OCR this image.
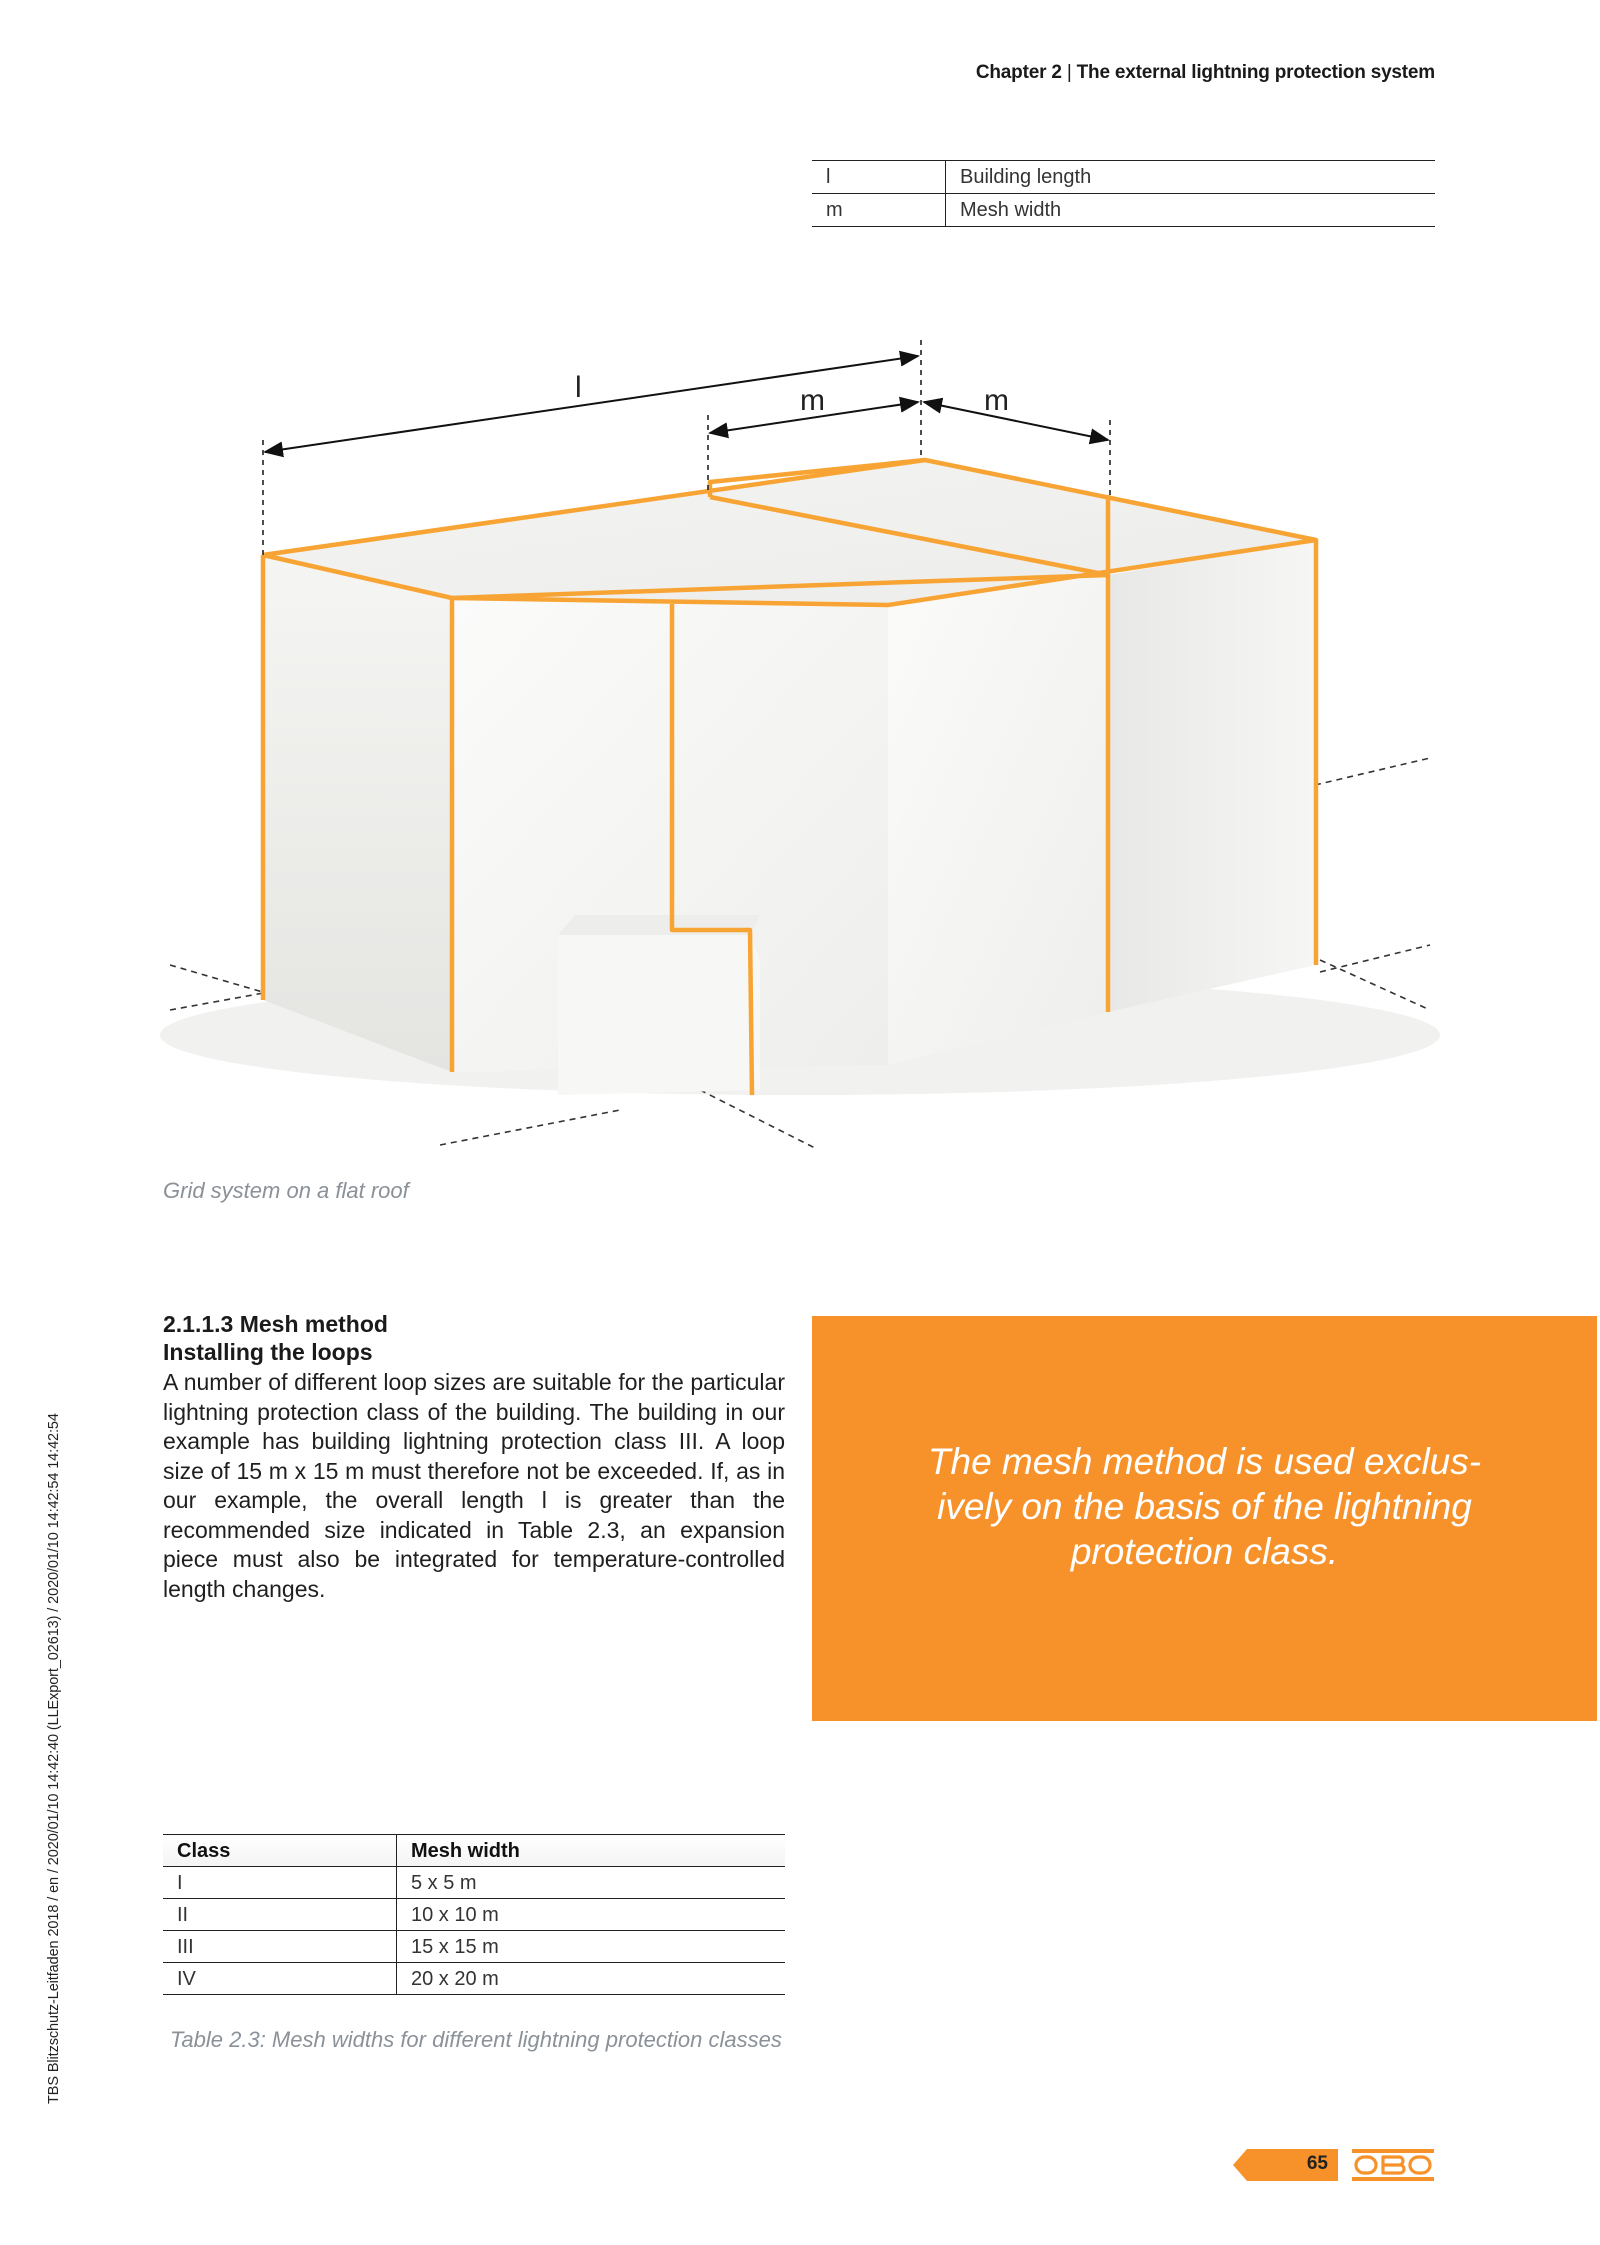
Chapter 2 | The external lightning protection system
l	Building length
m	Mesh width
l	m	m
Grid system on a flat roof
TBS Blitzschutz-Leitfaden 2018 / en / 2020/01/10 14:42:40 (LLExport_02613) / 2020/01/10 14:42:54 14:42:54
2.1.1.3 Mesh method
Installing the loops

A number of different loop sizes are suitable for the particular lightning protection class of the building. The building in our example has building lightning protection class III. A loop size of 15 m x 15 m must therefore not be exceeded. If, as in our example, the overall length l is greater than the recommended size indicated in Table 2.3, an expansion piece must also be integrated for temperature-controlled length changes.

The mesh method is used exclusively on the basis of the lightning protection class.

Class	Mesh width
I	5 x 5 m
II	10 x 10 m
III	15 x 15 m
IV	20 x 20 m
Table 2.3: Mesh widths for different lightning protection classes
65
